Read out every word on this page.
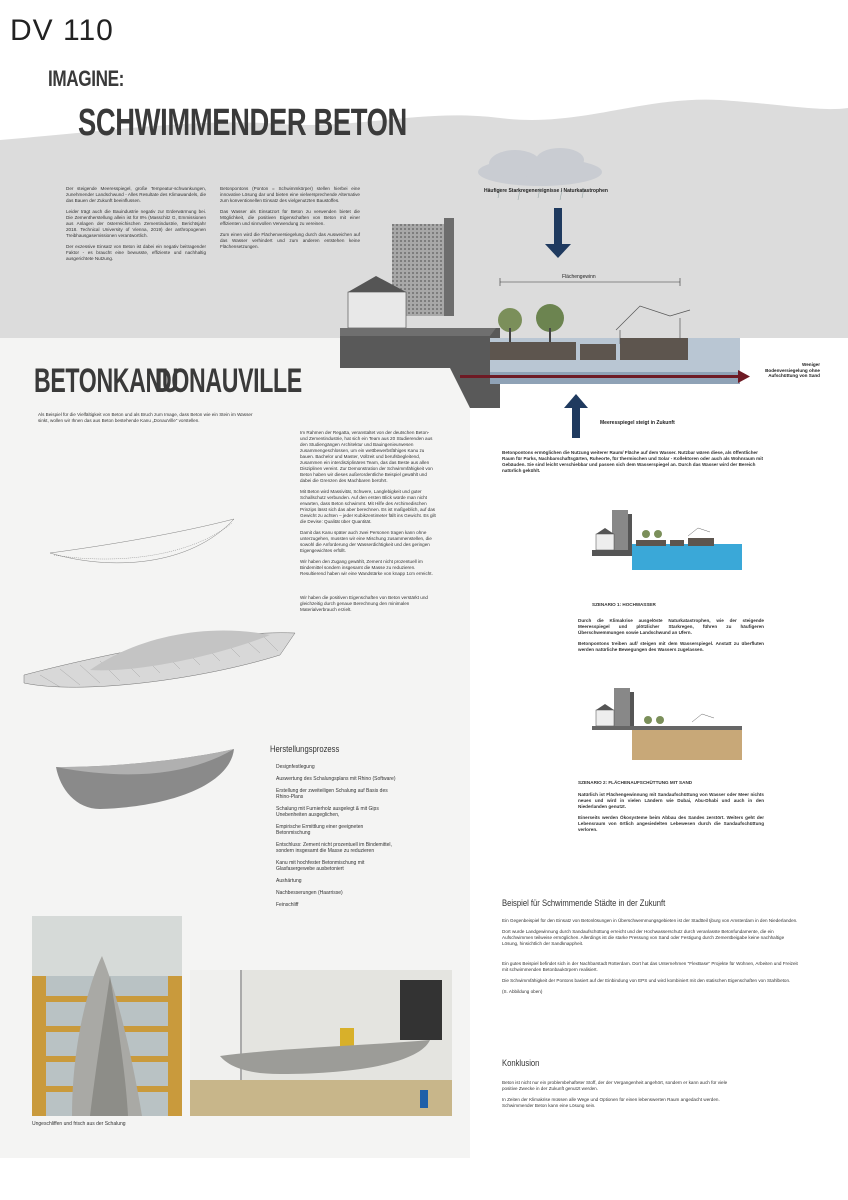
DV 110
IMAGINE:
SCHWIMMENDER BETON

Der steigende Meeresspiegel, große Tempeatur-schwankungen, zunehmender Landschwund - Alles Resultate des Klimawandels, die das Bauen der Zukunft beeinflussen.

Leider trägt auch die Bauindustrie negativ zur Erderwärmung bei. Die Zementherstellung allein ist für 8% (Masschitz G, Emmissionen aus Anlagen der österreichischen Zementindustrie, Berichtsjahr 2018. Technical University of Vienna, 2019) der anthropogenen Treibhausgasemissionen verantwortlich.

Der exzessive Einsatz von Beton ist dabei ein negativ beitragender Faktor - es braucht eine bewusste, effiziente und nachhaltig ausgerichtete Nutzung.

Betonpontons (Ponton = Schwimmkörper) stellen hierbei eine innovative Lösung dar und bieten eine vielversprechende Alternative zum konventionellen Einsatz des vielgenutzten Baustoffes.

Das Wasser als Einsatzort für Beton zu verwenden bietet die Möglichkeit, die positiven Eigenschaften von Beton mit einer effizienten und sinnvollen Verwendung zu vereinen.

Zum einen wird die Flächenversiegelung durch das Ausweichen auf das Wasser verhindert und zum anderen entstehen keine Flächensetzungen.

Häufigere Starkregenereignisse / Naturkatastrophen
Flächengewinn
Weniger Bodenversiegelung ohne Aufschüttung von Sand
Meeresspiegel steigt in Zukunft
Betonpontons ermöglichen die Nutzung weiterer Raum/ Fläche auf dem Wasser. Nutzbar wären diese, als öffentlicher Raum für Parks, Nachbarschaftsgärten, Ruheorte, für thermischen und Solar - Kollektoren oder auch als Wohnraum mit Gebäuden. Sie sind leicht verschiebbar und passen sich dem Wasserspiegel an. Durch das Wasser wird der Bereich natürlich gekühlt.
BETONKANU
DONAUVILLE
Als Beispiel für die Vielfältigkeit von Beton und als Bruch zum Image, dass Beton wie ein Stein im Wasser sinkt, wollen wir Ihnen das aus Beton bestehende Kanu „DonauVille“ vorstellen.

Im Rahmen der Regatta, veranstaltet von der deutschen Beton- und Zementindustrie, hat sich ein Team aus 20 Studierenden aus den Studiengängen Architektur und Bauingenieurwesen zusammengeschlossen, um ein wettbewerbsfähiges Kanu zu bauen. Bachelor und Master, Vollzeit und berufsbegleitend, zusammen ein interdisziplinäres Team, das das Beste aus allen Disziplinen vereint. Zur Demonstration der Schwimmfähigkeit von Beton haben wir dieses außerordentliche Beispiel gewählt und dabei die Grenzen des Machbaren berührt.

Mit Beton wird Massivität, Schwere, Langlebigkeit und guter Schallschutz verbunden. Auf den ersten Blick würde man nicht erwarten, dass Beton schwimmt. Mit Hilfe des Archimedischen Prinzips lässt sich das aber berechnen. Es ist maßgeblich, auf das Gewicht zu achten – jeder Kubikzentimeter fällt ins Gewicht. Es gilt die Devise: Qualität über Quantität.

Damit das Kanu später auch zwei Personen tragen kann ohne unterzugehen, mussten wir eine Mischung zusammenstellen, die sowohl die Anforderung der Wasserdichtigkeit und des geringen Eigengewichtes erfüllt.

Wir haben den Zugang gewählt, Zement nicht prozentuell im Bindemittel sondern insgesamt die Masse zu reduzieren. Resultierend haben wir eine Wandstärke von knapp 1cm erreicht.

Wir haben die positiven Eigenschaften von Beton verstärkt und gleichzeitig durch genaue Berechnung den minimalen Materialverbrauch erzielt.

Herstellungsprozess
Designfestlegung
Auswertung des Schalungsplans mit Rhino (Software)
Erstellung der zweiteiligen Schalung auf Basis des Rhino-Plans
Schalung mit Furnierholz ausgelegt & mit Gips Unebenheiten ausgeglichen,
Empirische Ermittlung einer geeigneten Betonmischung
Entschluss: Zement nicht prozentuell im Bindemittel, sondern insgesamt die Masse zu reduzieren
Kanu mit hochfester Betonmischung mit Glasfasergewebe ausbetoniert
Aushärtung
Nachbesserungen (Haarrisse)
Feinschliff
Ungeschliffen und frisch aus der Schalung
SZENARIO 1: HOCHWASSER

Durch die Klimakrise ausgelöste Naturkatastrophen, wie der steigende Meeresspiegel und plötzlicher Starkregen, führen zu häufigeren Überschwemmungen sowie Landschwund an Ufern.

Betonpontons treiben auf/ steigen mit dem Wasserspiegel. Anstatt zu überfluten werden natürliche Bewegungen des Wassers zugelassen.

SZENARIO 2: FLÄCHENAUFSCHÜTTUNG MIT SAND

Natürlich ist Flächengewinnung mit Sandaufschüttung von Wasser oder Meer nichts neues und wird in vielen Ländern wie Dubai, Abu-Dhabi und auch in den Niederlanden genutzt.

Einerseits werden Ökosysteme beim Abbau des Sandes zerstört. Weiters geht der Lebensraum von örtlich angesiedelten Lebewesen durch die Sandaufschüttung verloren.

Beispiel für Schwimmende Städte in der Zukunft

Ein Gegenbeispiel für den Einsatz von Betonlösungen in Überschwemmungsgebieten ist der Stadtteil Ijburg von Amsterdam in den Niederlanden.

Dort wurde Landgewinnung durch Sandaufschüttung erreicht und der Hochwasserschutz durch veranlasste Betonfundamente, die ein Aufschwimmen teilweise ermöglichen. Allerdings ist die starke Pressung von Sand oder Festigung durch Zementbeigabe keine nachhaltige Lösung, hinsichtlich der Sandknappheit.

Ein gutes Beispiel befindet sich in der Nachbarstadt Rotterdam. Dort hat das Unternehmen "FlexBase" Projekte für Wohnen, Arbeiten und Freizeit mit schwimmenden Betonbaukörpern realisiert.

Die Schwimmfähigkeit der Pontons basiert auf der Einbindung von EPS und wird kombiniert mit den statischen Eigenschaften von Stahlbeton.

(S. Abbildung oben)

Konklusion

Beton ist nicht nur ein problembehafteter Stoff, der der Vergangenheit angehört, sondern er kann auch für viele positive Zwecke in der Zukunft genutzt werden.

In Zeiten der Klimakrise müssen alle Wege und Optionen für einen lebenswerten Raum angedacht werden. Schwimmender Beton kann eine Lösung sein.
